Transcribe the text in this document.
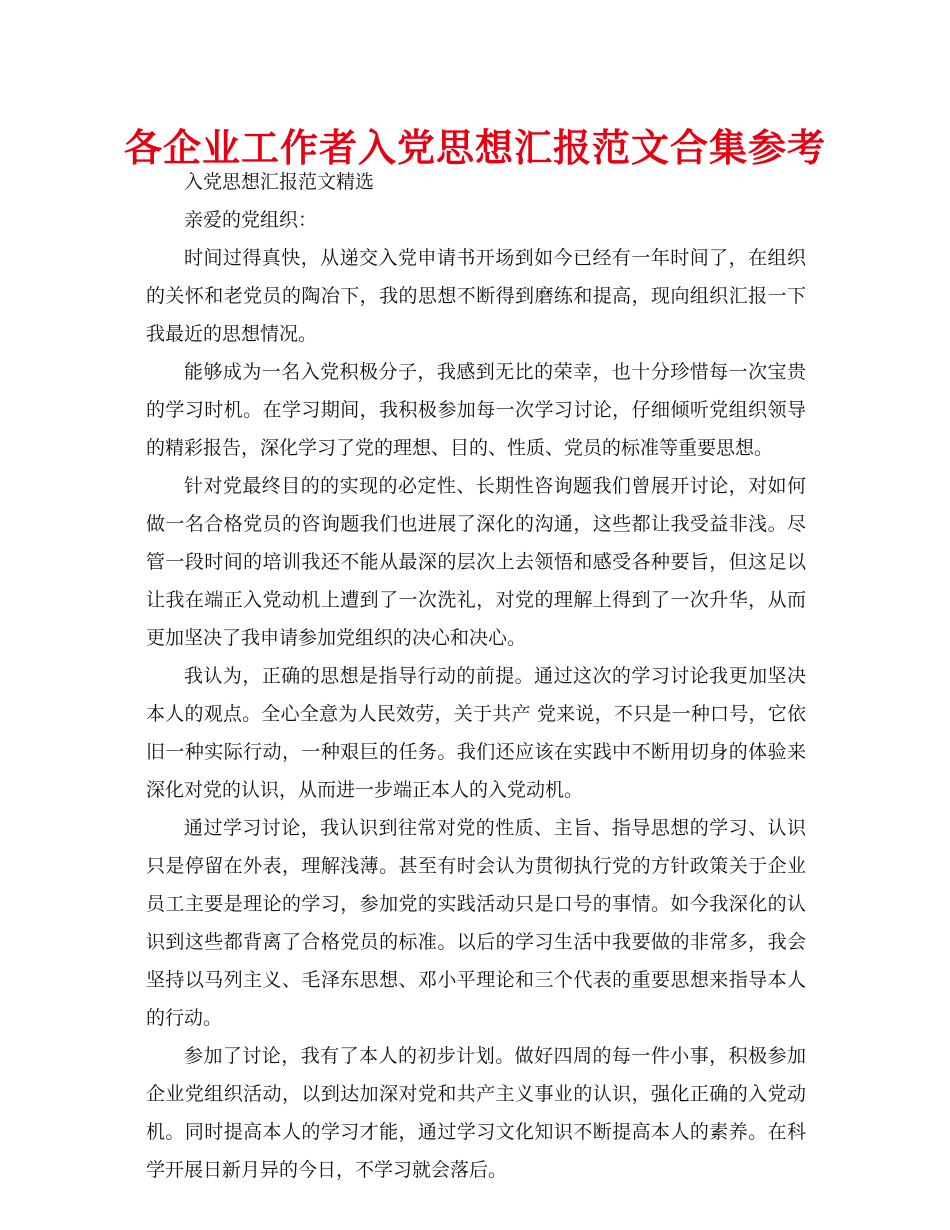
各企业工作者入党思想汇报范文合集参考

入党思想汇报范文精选

亲爱的党组织：

时间过得真快，从递交入党申请书开场到如今已经有一年时间了，在组织的关怀和老党员的陶冶下，我的思想不断得到磨练和提高，现向组织汇报一下我最近的思想情况。

能够成为一名入党积极分子，我感到无比的荣幸，也十分珍惜每一次宝贵的学习时机。在学习期间，我积极参加每一次学习讨论，仔细倾听党组织领导的精彩报告，深化学习了党的理想、目的、性质、党员的标准等重要思想。

针对党最终目的的实现的必定性、长期性咨询题我们曾展开讨论，对如何做一名合格党员的咨询题我们也进展了深化的沟通，这些都让我受益非浅。尽管一段时间的培训我还不能从最深的层次上去领悟和感受各种要旨，但这足以让我在端正入党动机上遭到了一次洗礼，对党的理解上得到了一次升华，从而更加坚决了我申请参加党组织的决心和决心。

我认为，正确的思想是指导行动的前提。通过这次的学习讨论我更加坚决本人的观点。全心全意为人民效劳，关于共产 党来说，不只是一种口号，它依旧一种实际行动，一种艰巨的任务。我们还应该在实践中不断用切身的体验来深化对党的认识，从而进一步端正本人的入党动机。

通过学习讨论，我认识到往常对党的性质、主旨、指导思想的学习、认识只是停留在外表，理解浅薄。甚至有时会认为贯彻执行党的方针政策关于企业员工主要是理论的学习，参加党的实践活动只是口号的事情。如今我深化的认识到这些都背离了合格党员的标准。以后的学习生活中我要做的非常多，我会坚持以马列主义、毛泽东思想、邓小平理论和三个代表的重要思想来指导本人的行动。

参加了讨论，我有了本人的初步计划。做好四周的每一件小事，积极参加企业党组织活动，以到达加深对党和共产主义事业的认识，强化正确的入党动机。同时提高本人的学习才能，通过学习文化知识不断提高本人的素养。在科学开展日新月异的今日，不学习就会落后。
